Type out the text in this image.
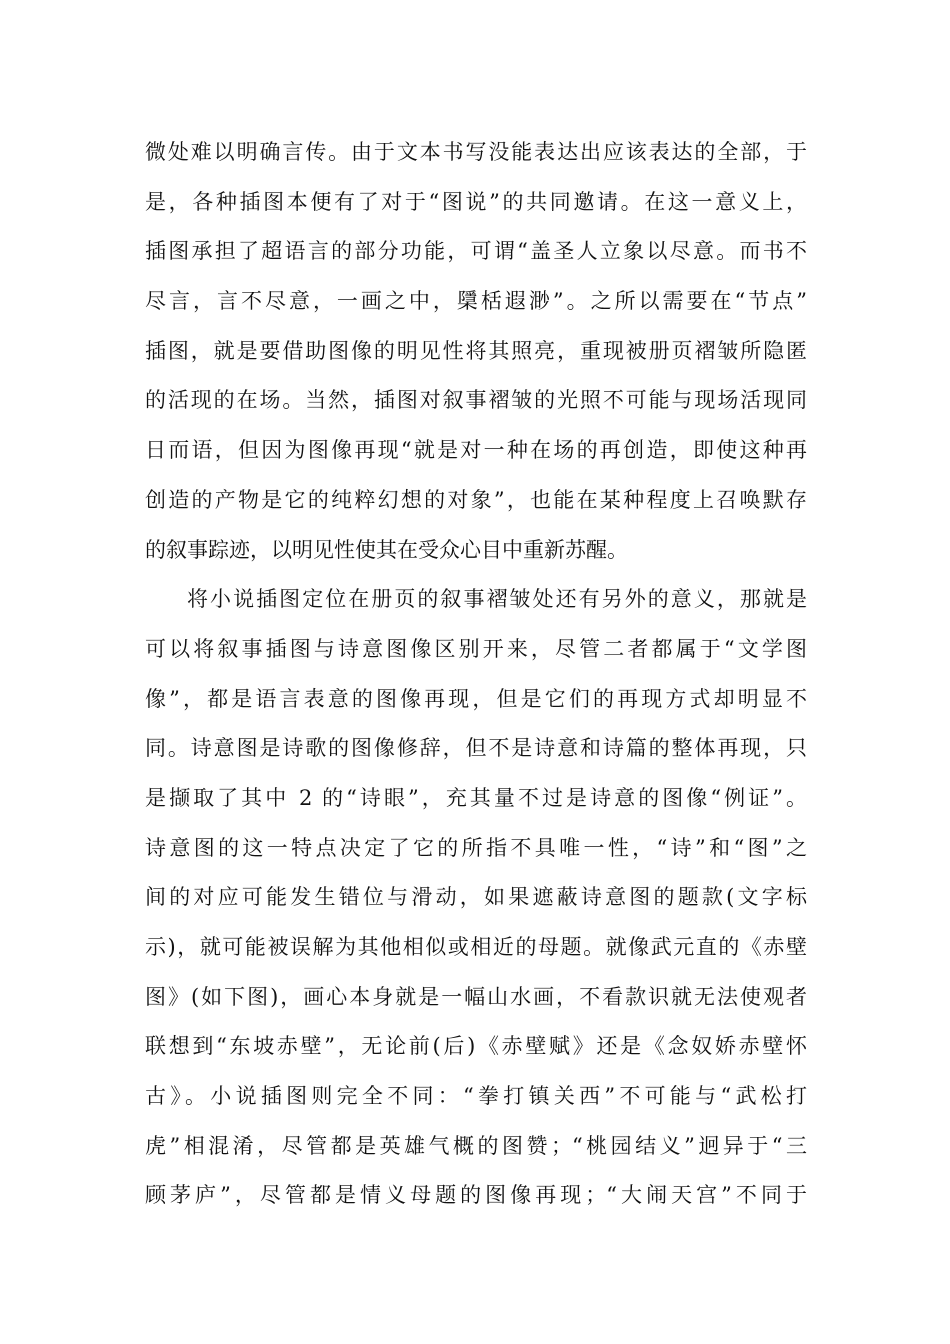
微处难以明确言传。由于文本书写没能表达出应该表达的全部，于
是，各种插图本便有了对于“图说”的共同邀请。在这一意义上，
插图承担了超语言的部分功能，可谓“盖圣人立象以尽意。而书不
尽言，言不尽意，一画之中，檃栝遐渺”。之所以需要在“节点”
插图，就是要借助图像的明见性将其照亮，重现被册页褶皱所隐匿
的活现的在场。当然，插图对叙事褶皱的光照不可能与现场活现同
日而语，但因为图像再现“就是对一种在场的再创造，即使这种再
创造的产物是它的纯粹幻想的对象”，也能在某种程度上召唤默存
的叙事踪迹，以明见性使其在受众心目中重新苏醒。
将小说插图定位在册页的叙事褶皱处还有另外的意义，那就是
可以将叙事插图与诗意图像区别开来，尽管二者都属于“文学图
像”，都是语言表意的图像再现，但是它们的再现方式却明显不
同。诗意图是诗歌的图像修辞，但不是诗意和诗篇的整体再现，只
是撷取了其中 2 的“诗眼”，充其量不过是诗意的图像“例证”。
诗意图的这一特点决定了它的所指不具唯一性，“诗”和“图”之
间的对应可能发生错位与滑动，如果遮蔽诗意图的题款(文字标
示)，就可能被误解为其他相似或相近的母题。就像武元直的《赤壁
图》(如下图)，画心本身就是一幅山水画，不看款识就无法使观者
联想到“东坡赤壁”，无论前(后)《赤壁赋》还是《念奴娇赤壁怀
古》。小说插图则完全不同：“拳打镇关西”不可能与“武松打
虎”相混淆，尽管都是英雄气概的图赞；“桃园结义”迥异于“三
顾茅庐”，尽管都是情义母题的图像再现；“大闹天宫”不同于
